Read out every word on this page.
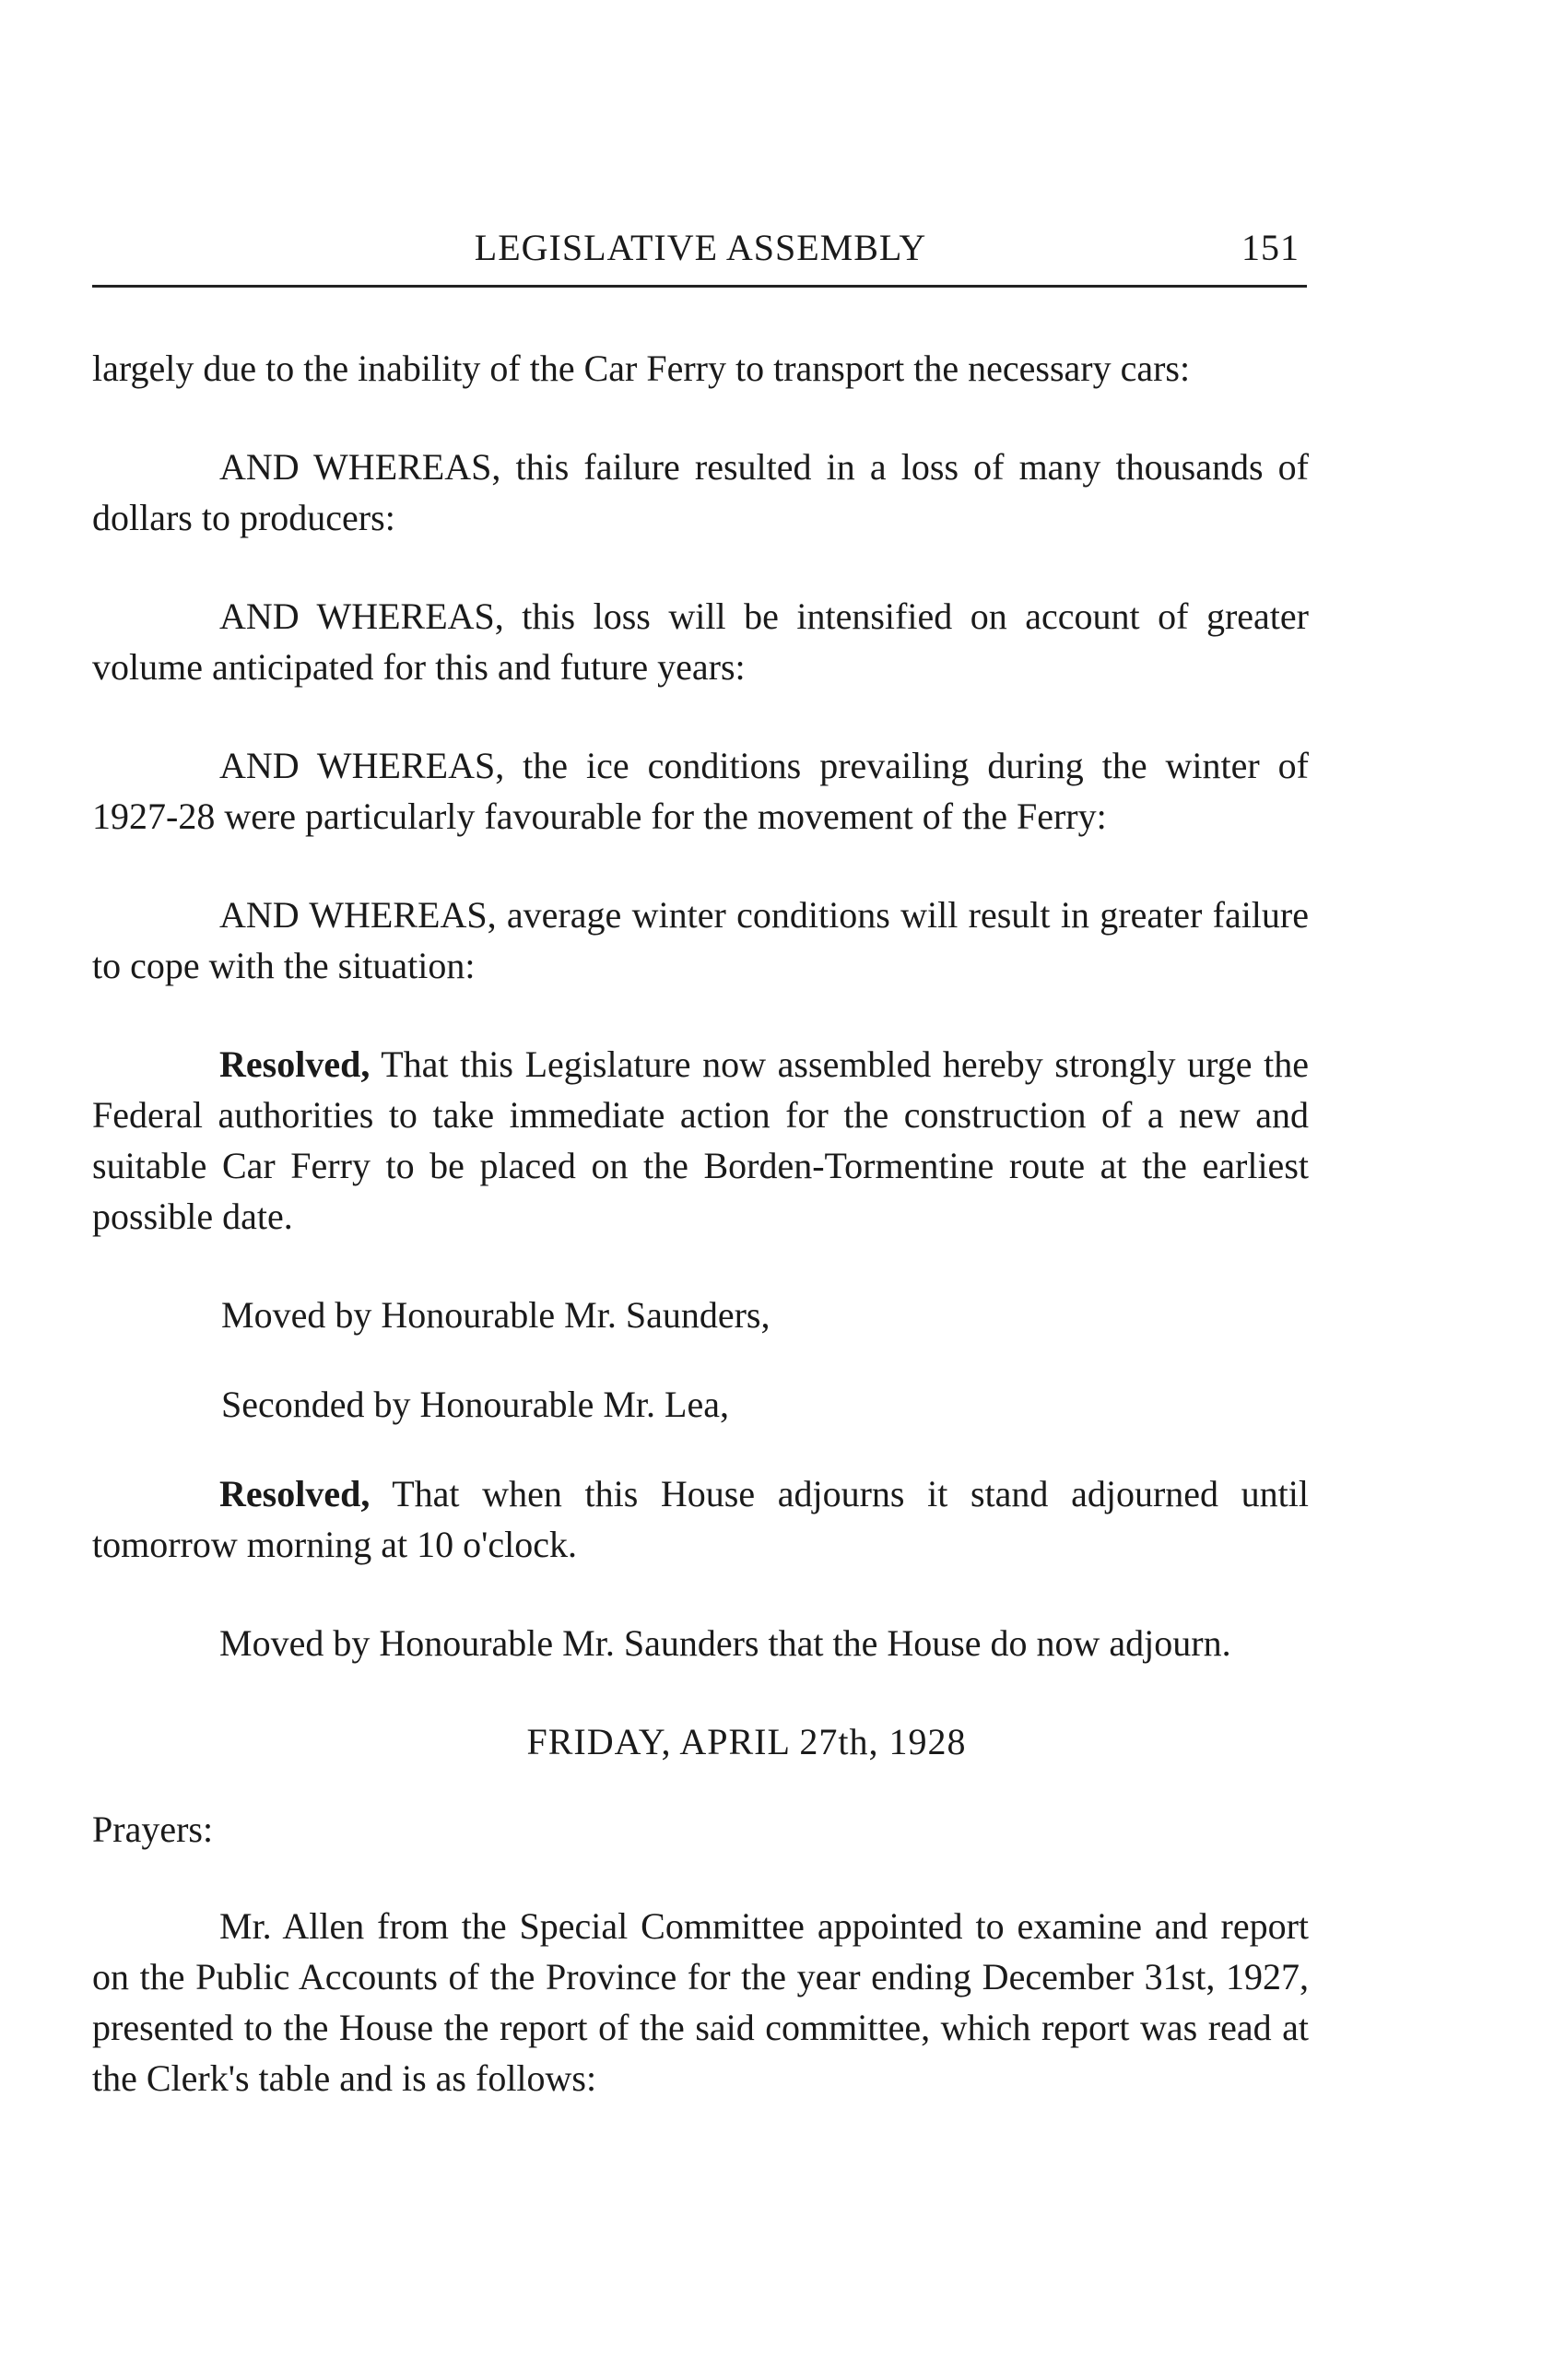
LEGISLATIVE ASSEMBLY	151

largely due to the inability of the Car Ferry to transport the necessary cars:

AND WHEREAS, this failure resulted in a loss of many thousands of dollars to producers:

AND WHEREAS, this loss will be intensified on account of greater volume anticipated for this and future years:

AND WHEREAS, the ice conditions prevailing during the winter of 1927-28 were particularly favourable for the movement of the Ferry:

AND WHEREAS, average winter conditions will result in greater failure to cope with the situation:

Resolved, That this Legislature now assembled hereby strongly urge the Federal authorities to take immediate action for the construction of a new and suitable Car Ferry to be placed on the Borden-Tormentine route at the earliest possible date.

Moved by Honourable Mr. Saunders,

Seconded by Honourable Mr. Lea,

Resolved, That when this House adjourns it stand adjourned until tomorrow morning at 10 o'clock.

Moved by Honourable Mr. Saunders that the House do now adjourn.

FRIDAY, APRIL 27th, 1928

Prayers:

Mr. Allen from the Special Committee appointed to examine and report on the Public Accounts of the Province for the year ending December 31st, 1927, presented to the House the report of the said committee, which report was read at the Clerk's table and is as follows:
